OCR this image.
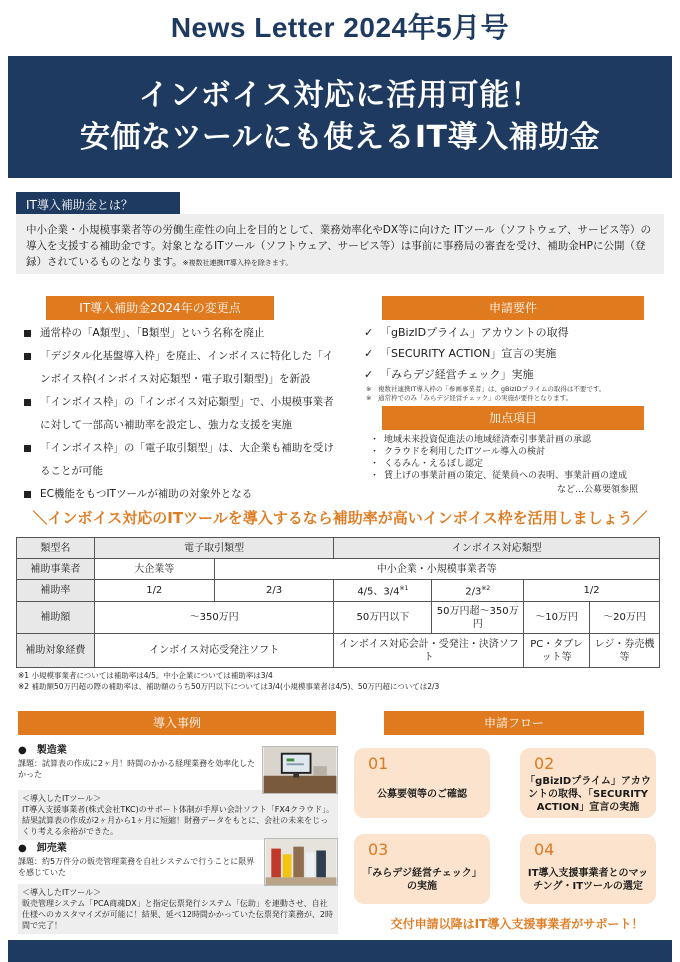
News Letter 2024年5月号
インボイス対応に活用可能！
安価なツールにも使えるIT導入補助金
IT導入補助金とは？
中小企業・小規模事業者等の労働生産性の向上を目的として、業務効率化やDX等に向けた ITツール（ソフトウェア、サービス等）の導入を支援する補助金です。対象となるITツール（ソフトウェア、サービス等）は事前に事務局の審査を受け、補助金HPに公開（登録）されているものとなります。※複数社連携IT導入枠を除きます。
IT導入補助金2024年の変更点
通常枠の「A類型」、「B類型」という名称を廃止
「デジタル化基盤導入枠」を廃止、インボイスに特化した「インボイス枠(インボイス対応類型・電子取引類型)」を新設
「インボイス枠」の「インボイス対応類型」で、小規模事業者に対して一部高い補助率を設定し、強力な支援を実施
「インボイス枠」の「電子取引類型」は、大企業も補助を受けることが可能
EC機能をもつITツールが補助の対象外となる
申請要件
✓ 「gBizIDプライム」アカウントの取得
✓ 「SECURITY ACTION」宣言の実施
✓ 「みらデジ経営チェック」実施
※　複数社連携IT導入枠の「参画事業者」は、gBizIDプライムの取得は不要です。
※　通常枠でのみ「みらデジ経営チェック」の実施が要件となります。
加点項目
・ 地域未来投資促進法の地域経済牽引事業計画の承認
・ クラウドを利用したITツール導入の検討
・ くるみん・えるぼし認定
・ 賃上げの事業計画の策定、従業員への表明、事業計画の達成
など…公募要領参照
＼インボイス対応のITツールを導入するなら補助率が高いインボイス枠を活用しましょう／
類型名	電子取引類型		インボイス対応類型			
補助事業者	大企業等	中小企業・小規模事業者等				
補助率	1/2	2/3	4/5、3/4$^{※1}$	2/3$^{※2}$	1/2	
補助額	～350万円		50万円以下	50万円超～350万円	～10万円	～20万円
補助対象経費	インボイス対応受発注ソフト		インボイス対応会計・受発注・決済ソフト		PC・タブレット等	レジ・券売機等
※1 小規模事業者については補助率は4/5。中小企業については補助率は3/4
※2 補助額50万円超の際の補助率は、補助額のうち50万円以下については3/4(小規模事業者は4/5)、50万円超については2/3
導入事例
●　 製造業
課題：試算表の作成に2ヶ月！時間のかかる経理業務を効率化したかった
＜導入したITツール＞
IT導入支援事業者(株式会社TKC)のサポート体制が手厚い会計ソフト「FX4クラウド」。結果試算表の作成が2ヶ月から1ヶ月に短縮！財務データをもとに、会社の未来をじっくり考える余裕ができた。
●　 卸売業
課題：約5万件分の販売管理業務を自社システムで行うことに限界を感じていた
＜導入したITツール＞
販売管理システム「PCA商魂DX」と指定伝票発行システム「伝助」を連動させ、自社仕様へのカスタマイズが可能に！結果、延べ12時間かかっていた伝票発行業務が、2時間で完了！
申請フロー
01
公募要領等のご確認
02
「gBizIDプライム」アカウントの取得、「SECURITY ACTION」宣言の実施
03
「みらデジ経営チェック」の実施
04
IT導入支援事業者とのマッチング・ITツールの選定
交付申請以降はIT導入支援事業者がサポート！
